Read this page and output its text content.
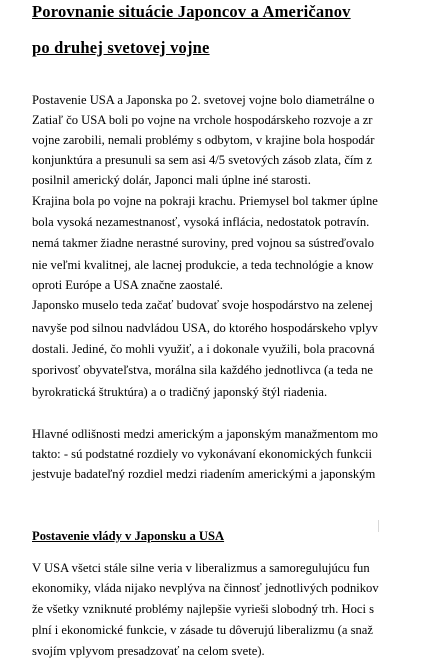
Porovnanie situácie Japoncov a Američanov
po druhej svetovej vojne
Postavenie USA a Japonska po 2. svetovej vojne bolo diametrálne o
Zatiaľ čo USA boli po vojne na vrchole hospodárskeho rozvoje a zr
vojne zarobili, nemali problémy s odbytom, v krajine bola hospodár
konjunktúra a presunuli sa sem asi 4/5 svetových zásob zlata, čím z
posilnil americký dolár, Japonci mali úplne iné starosti.
Krajina bola po vojne na pokraji krachu. Priemysel bol takmer úplne
bola vysoká nezamestnanosť, vysoká inflácia, nedostatok potravín.
nemá takmer žiadne nerastné suroviny, pred vojnou sa sústreďovalo
nie veľmi kvalitnej, ale lacnej produkcie, a teda technológie a know
oproti Európe a USA značne zaostalé.
Japonsko muselo teda začať budovať svoje hospodárstvo na zelenej
navyše pod silnou nadvládou USA, do ktorého hospodárskeho vplyv
dostali. Jediné, čo mohli využiť, a i dokonale využili, bola pracovná
sporivosť obyvateľstva, morálna sila každého jednotlivca (a teda ne
byrokratická štruktúra) a o tradičný japonský štýl riadenia.
Hlavné odlišnosti medzi americkým a japonským manažmentom mo
takto: - sú podstatné rozdiely vo vykonávaní ekonomických funkcii
jestvuje badateľný rozdiel medzi riadením americkými a japonským
Postavenie vlády v Japonsku a USA
V USA všetci stále silne veria v liberalizmus a samoregulujúcu fun
ekonomiky, vláda nijako nevplýva na činnosť jednotlivých podnikov
že všetky vzniknuté problémy najlepšie vyrieši slobodný trh. Hoci s
plní i ekonomické funkcie, v zásade tu dôverujú liberalizmu (a snaž
svojím vplyvom presadzovať na celom svete).
